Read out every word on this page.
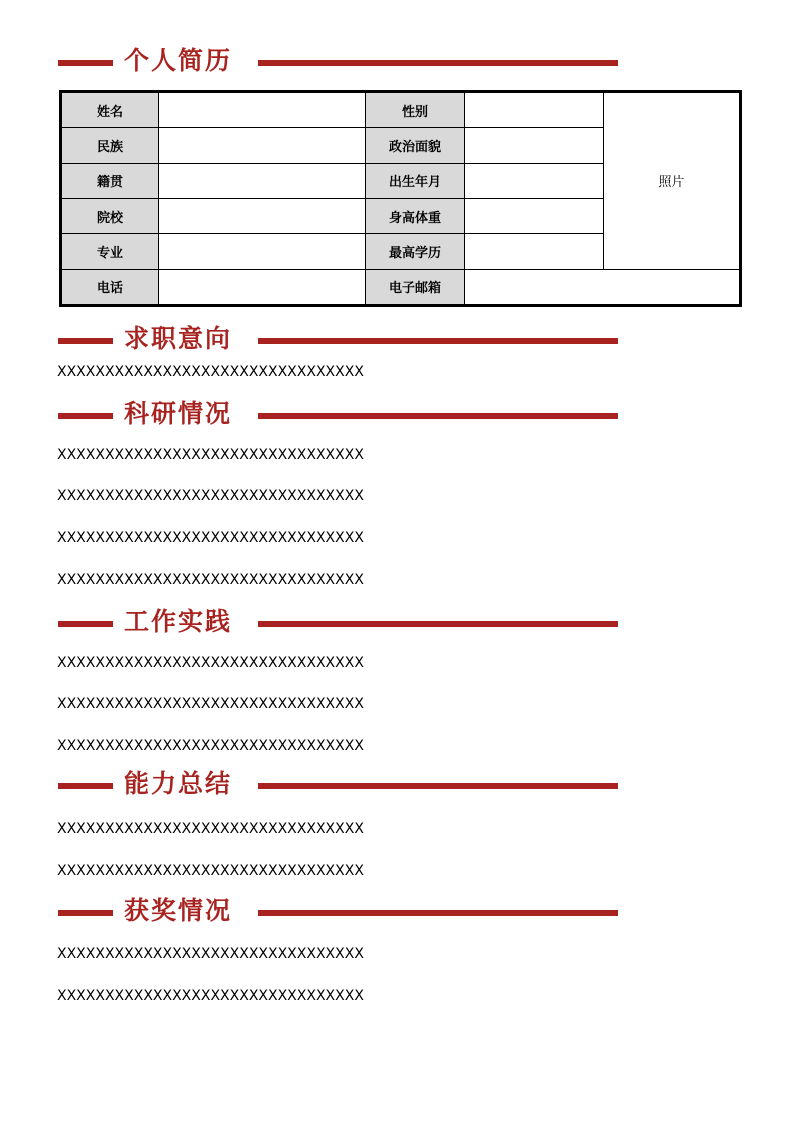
个人简历
姓名		性别		照片
民族		政治面貌		
籍贯		出生年月		
院校		身高体重		
专业		最高学历		
电话		电子邮箱		
求职意向
XXXXXXXXXXXXXXXXXXXXXXXXXXXXXXXX
科研情况
XXXXXXXXXXXXXXXXXXXXXXXXXXXXXXXX
XXXXXXXXXXXXXXXXXXXXXXXXXXXXXXXX
XXXXXXXXXXXXXXXXXXXXXXXXXXXXXXXX
XXXXXXXXXXXXXXXXXXXXXXXXXXXXXXXX
工作实践
XXXXXXXXXXXXXXXXXXXXXXXXXXXXXXXX
XXXXXXXXXXXXXXXXXXXXXXXXXXXXXXXX
XXXXXXXXXXXXXXXXXXXXXXXXXXXXXXXX
能力总结
XXXXXXXXXXXXXXXXXXXXXXXXXXXXXXXX
XXXXXXXXXXXXXXXXXXXXXXXXXXXXXXXX
获奖情况
XXXXXXXXXXXXXXXXXXXXXXXXXXXXXXXX
XXXXXXXXXXXXXXXXXXXXXXXXXXXXXXXX
